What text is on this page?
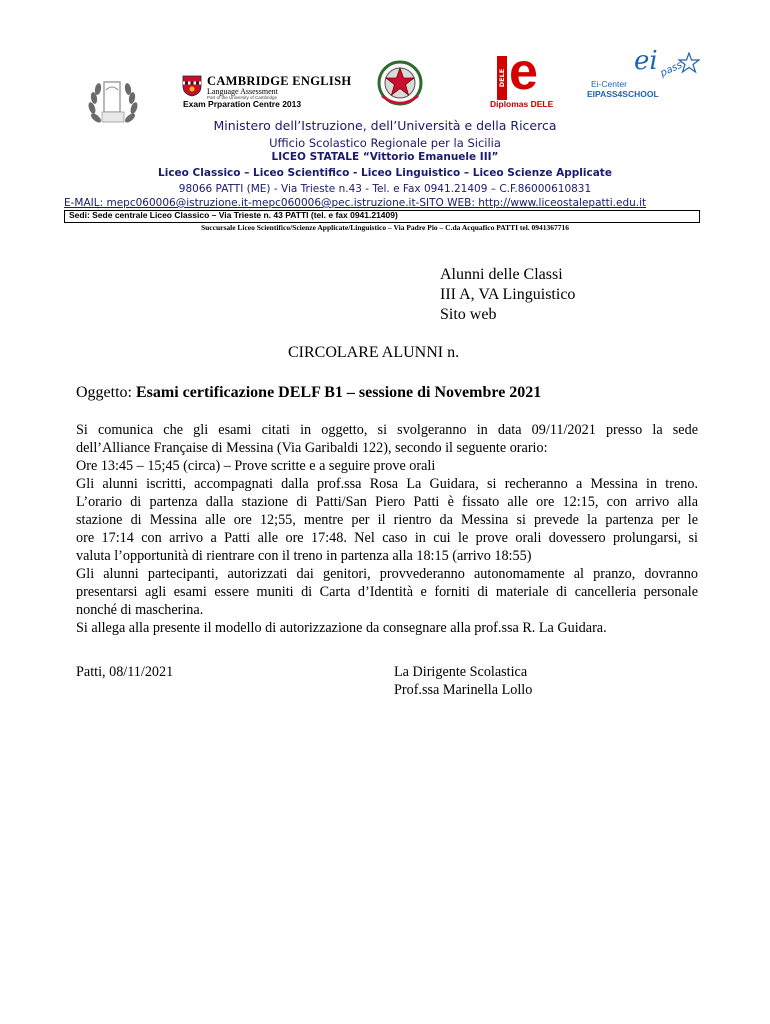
CAMBRIDGE ENGLISH
Language Assessment
Part of the University of Cambridge
Exam Prparation Centre 2013
DELE e
Diplomas DELE
ei pass
Ei-Center
EIPASS4SCHOOL
Ministero dell’Istruzione, dell’Università e della Ricerca
Ufficio Scolastico Regionale per la Sicilia
LICEO STATALE “Vittorio Emanuele III”
Liceo Classico – Liceo Scientifico - Liceo Linguistico – Liceo Scienze Applicate
98066 PATTI (ME) - Via Trieste n.43 - Tel. e Fax 0941.21409 – C.F.86000610831
E-MAIL: mepc060006@istruzione.it-mepc060006@pec.istruzione.it-SITO WEB: http://www.liceostalepatti.edu.it
Sedi: Sede centrale Liceo Classico – Via Trieste n. 43 PATTI (tel. e fax 0941.21409)
Succursale Liceo Scientifico/Scienze Applicate/Linguistico – Via Padre Pio – C.da Acquafico PATTI tel. 0941367716
Alunni delle Classi
III A, VA Linguistico
Sito web
CIRCOLARE ALUNNI n.
Oggetto: Esami certificazione DELF B1 – sessione di Novembre 2021
Si comunica che gli esami citati in oggetto, si svolgeranno in data 09/11/2021 presso la sede
dell’Alliance Française di Messina (Via Garibaldi 122), secondo il seguente orario:
Ore 13:45 – 15;45 (circa) – Prove scritte e a seguire prove orali
Gli alunni iscritti, accompagnati dalla prof.ssa Rosa La Guidara, si recheranno a Messina in treno.
L’orario di partenza dalla stazione di Patti/San Piero Patti è fissato alle ore 12:15, con arrivo alla
stazione di Messina alle ore 12;55, mentre per il rientro da Messina si prevede la partenza per le
ore 17:14 con arrivo a Patti alle ore 17:48. Nel caso in cui le prove orali dovessero prolungarsi, si
valuta l’opportunità di rientrare con il treno in partenza alla 18:15 (arrivo 18:55)
Gli alunni partecipanti, autorizzati dai genitori, provvederanno autonomamente al pranzo, dovranno
presentarsi agli esami essere muniti di Carta d’Identità e forniti di materiale di cancelleria personale
nonché di mascherina.
Si allega alla presente il modello di autorizzazione da consegnare alla prof.ssa R. La Guidara.
Patti, 08/11/2021	La Dirigente Scolastica
Prof.ssa Marinella Lollo
